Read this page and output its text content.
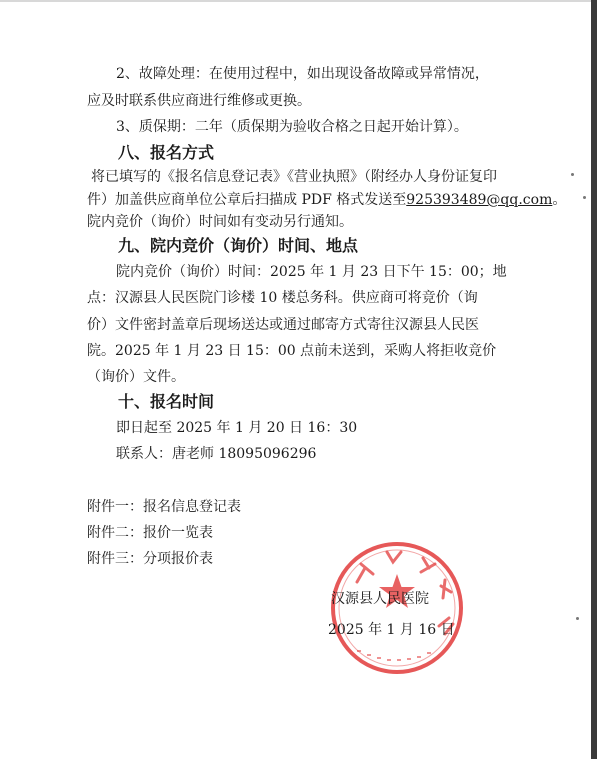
2、故障处理：在使用过程中，如出现设备故障或异常情况，
应及时联系供应商进行维修或更换。
3、质保期：二年（质保期为验收合格之日起开始计算）。
八、报名方式
将已填写的《报名信息登记表》《营业执照》（附经办人身份证复印
件）加盖供应商单位公章后扫描成 PDF 格式发送至925393489@qq.com。
院内竞价（询价）时间如有变动另行通知。
九、院内竞价（询价）时间、地点
院内竞价（询价）时间：2025 年 1 月 23 日下午 15：00；地
点：汉源县人民医院门诊楼 10 楼总务科。供应商可将竞价（询
价）文件密封盖章后现场送达或通过邮寄方式寄往汉源县人民医
院。2025 年 1 月 23 日 15：00 点前未送到，采购人将拒收竞价
（询价）文件。
十、报名时间
即日起至 2025 年 1 月 20 日 16：30
联系人：唐老师 18095096296
附件一：报名信息登记表
附件二：报价一览表
附件三：分项报价表
汉源县人民医院
2025 年 1 月 16 日
